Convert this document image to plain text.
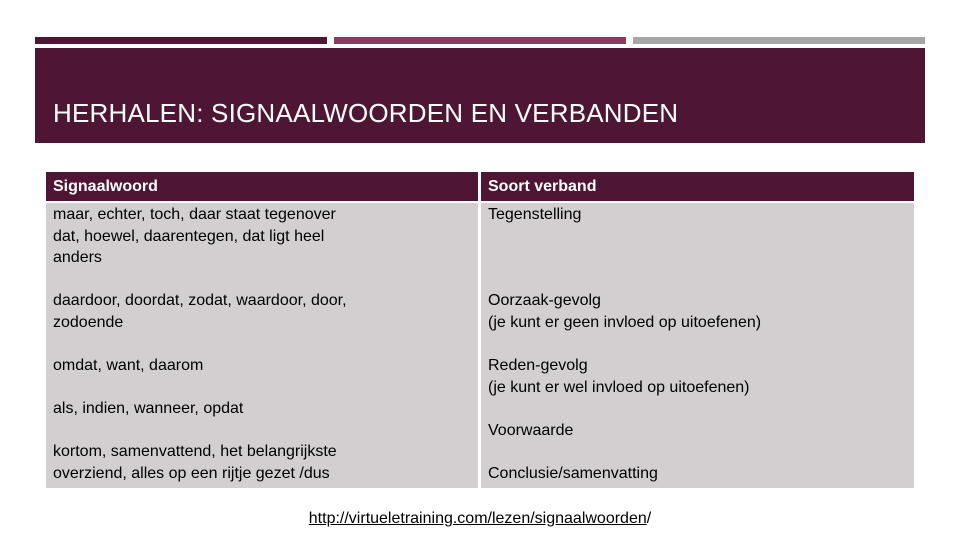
HERHALEN: SIGNAALWOORDEN EN VERBANDEN
Signaalwoord	Soort verband
maar, echter, toch, daar staat tegenover
dat, hoewel, daarentegen, dat ligt heel
anders
daardoor, doordat, zodat, waardoor, door,
zodoende
omdat, want, daarom
als, indien, wanneer, opdat
kortom, samenvattend, het belangrijkste
overziend, alles op een rijtje gezet /dus
Tegenstelling
Oorzaak-gevolg
(je kunt er geen invloed op uitoefenen)
Reden-gevolg
(je kunt er wel invloed op uitoefenen)
Voorwaarde
Conclusie/samenvatting
http://virtueletraining.com/lezen/signaalwoorden/
